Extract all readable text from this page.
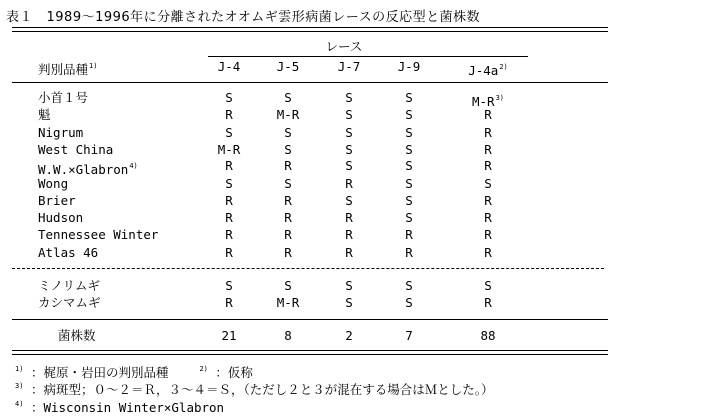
表１　1989～1996年に分離されたオオムギ雲形病菌レースの反応型と菌株数
レース
判別品種$^{1)}$	J-4	J-5	J-7	J-9	$J-4a^{2)}$
小首１号	S	S	S	S	$M-R^{3)}$
魁	R	M-R	S	S	R
Nigrum	S	S	S	S	R
West China	M-R	S	S	S	R
W.W.×Glabron$^{4)}$	R	R	S	S	R
Wong	S	S	R	S	S
Brier	R	R	S	S	R
Hudson	R	R	R	S	R
Tennessee Winter	R	R	R	R	R
Atlas 46	R	R	R	R	R
ミノリムギ	S	S	S	S	S
カシマムギ	R	M-R	S	S	R
菌株数	21	8	2	7	88
$^{1)}$ ：梶原・岩田の判別品種	$^{2)}$ ：仮称
$^{3)}$ ：病斑型；０～２＝Ｒ，３～４＝Ｓ，（ただし２と３が混在する場合はＭとした。）
$^{4)}$ ：Wisconsin Winter×Glabron
